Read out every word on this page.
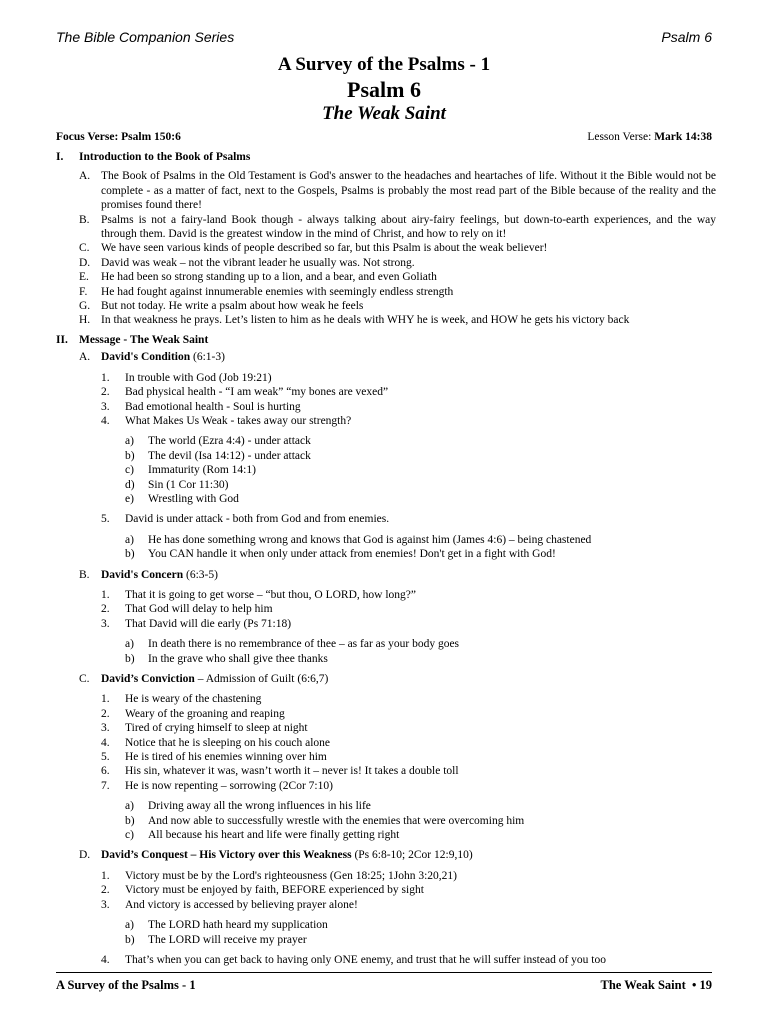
The Bible Companion Series	Psalm 6
A Survey of the Psalms - 1
Psalm 6
The Weak Saint
Focus Verse: Psalm 150:6	Lesson Verse: Mark 14:38
I.	Introduction to the Book of Psalms
A. The Book of Psalms in the Old Testament is God's answer to the headaches and heartaches of life. Without it the Bible would not be complete - as a matter of fact, next to the Gospels, Psalms is probably the most read part of the Bible because of the reality and the promises found there!
B. Psalms is not a fairy-land Book though - always talking about airy-fairy feelings, but down-to-earth experiences, and the way through them. David is the greatest window in the mind of Christ, and how to rely on it!
C. We have seen various kinds of people described so far, but this Psalm is about the weak believer!
D. David was weak – not the vibrant leader he usually was. Not strong.
E.	He had been so strong standing up to a lion, and a bear, and even Goliath
F.	He had fought against innumerable enemies with seemingly endless strength
G. But not today. He write a psalm about how weak he feels
H. In that weakness he prays. Let’s listen to him as he deals with WHY he is week, and HOW he gets his victory back
II. Message - The Weak Saint
A. David's Condition (6:1-3)
1.	In trouble with God (Job 19:21)
2.	Bad physical health - “I am weak” “my bones are vexed”
3.	Bad emotional health - Soul is hurting
4.	What Makes Us Weak - takes away our strength?
a)	The world (Ezra 4:4) - under attack
b)	The devil (Isa 14:12) - under attack
c)	Immaturity (Rom 14:1)
d)	Sin (1 Cor 11:30)
e)	Wrestling with God
5.	David is under attack - both from God and from enemies.
a)	He has done something wrong and knows that God is against him (James 4:6) – being chastened
b)	You CAN handle it when only under attack from enemies! Don't get in a fight with God!
B. David's Concern (6:3-5)
1.	That it is going to get worse – “but thou, O LORD, how long?”
2.	That God will delay to help him
3.	That David will die early (Ps 71:18)
a)	In death there is no remembrance of thee – as far as your body goes
b)	In the grave who shall give thee thanks
C. David’s Conviction – Admission of Guilt (6:6,7)
1.	He is weary of the chastening
2.	Weary of the groaning and reaping
3.	Tired of crying himself to sleep at night
4.	Notice that he is sleeping on his couch alone
5.	He is tired of his enemies winning over him
6.	His sin, whatever it was, wasn’t worth it – never is! It takes a double toll
7.	He is now repenting – sorrowing (2Cor 7:10)
a)	Driving away all the wrong influences in his life
b)	And now able to successfully wrestle with the enemies that were overcoming him
c)	All because his heart and life were finally getting right
D. David’s Conquest – His Victory over this Weakness (Ps 6:8-10; 2Cor 12:9,10)
1.	Victory must be by the Lord's righteousness (Gen 18:25; 1John 3:20,21)
2.	Victory must be enjoyed by faith, BEFORE experienced by sight
3.	And victory is accessed by believing prayer alone!
a)	The LORD hath heard my supplication
b)	The LORD will receive my prayer
4.	That’s when you can get back to having only ONE enemy, and trust that he will suffer instead of you too
A Survey of the Psalms - 1	The Weak Saint • 19
